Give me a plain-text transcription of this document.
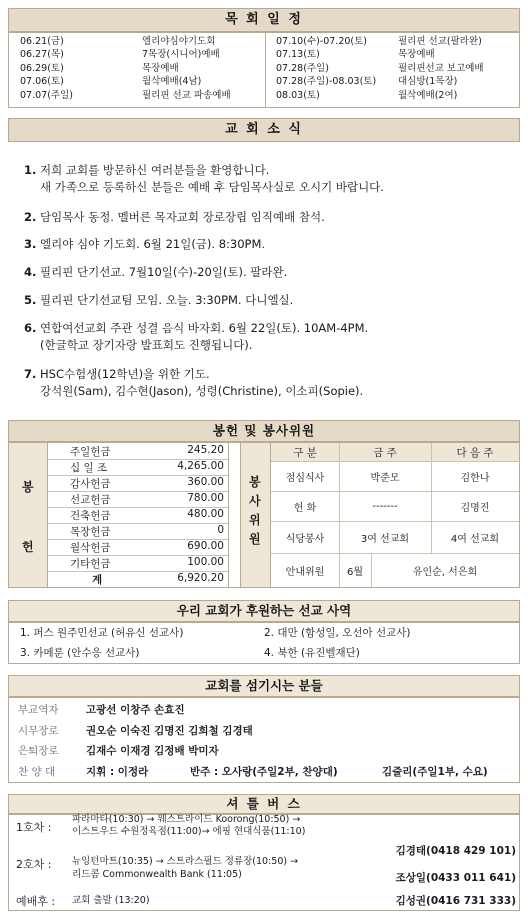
목 회 일 정
06.21(금)	엘리야심야기도회
06.27(목)	7목장(시니어)예배
06.29(토)	목장예배
07.06(토)	월삭예배(4남)
07.07(주일)	필리핀 선교 파송예배
07.10(수)-07.20(토)	필리핀 선교(팔라완)
07.13(토)	목장예배
07.28(주일)	필리핀선교 보고예배
07.28(주일)-08.03(토) 대심방(1목장)
08.03(토)	월삭예배(2여)
교 회 소 식
1. 저희 교회를 방문하신 여러분들을 환영합니다.
새 가족으로 등록하신 분들은 예배 후 담임목사실로 오시기 바랍니다.
2. 담임목사 동정. 멜버른 목자교회 장로장립 임직예배 참석.
3. 엘리야 심야 기도회. 6월 21일(금). 8:30PM.
4. 필리핀 단기선교. 7월10일(수)-20일(토). 팔라완.
5. 필리핀 단기선교팀 모임. 오늘. 3:30PM. 다니엘실.
6. 연합여선교회 주관 성결 음식 바자회. 6월 22일(토). 10AM-4PM.
(한글학교 장기자랑 발표회도 진행됩니다).
7. HSC수험생(12학년)을 위한 기도.
강석원(Sam), 김수현(Jason), 성령(Christine), 이소피(Sopie).
봉헌 및 봉사위원
봉
헌
주일헌금	245.20
십 일 조	4,265.00
감사헌금	360.00
선교헌금	780.00
건축헌금	480.00
목장헌금	0
월삭헌금	690.00
기타헌금	100.00
계	6,920.20
봉
사
위
원
구 분	금 주	다 음 주
점심식사	박준모	김한나
헌 화	-------	김명진
식당봉사	3여 선교회	4여 선교회
안내위원	6월	유인순, 서은희
우리 교회가 후원하는 선교 사역
1. 퍼스 원주민선교 (허유신 선교사)	2. 대만 (함성일, 오선아 선교사)
3. 카메룬 (안수응 선교사)	4. 북한 (유진벨재단)
교회를 섬기시는 분들
부교역자	고광선 이창주 손효진
시무장로	권오순 이숙진 김명진 김희철 김경태
은퇴장로	김재수 이재경 김정배 박미자
찬 양 대	지휘 : 이정라	반주 : 오사랑(주일2부, 찬양대)	김줄리(주일1부, 수요)
셔 틀 버 스
1호차 :
파라마타(10:30) → 웨스트라이드 Koorong(10:50) →
이스트우드 수원정육점(11:00)→ 에핑 현대식품(11:10)
김경태(0418 429 101)
2호차 : 뉴잉턴마트(10:35) → 스트라스필드 정류장(10:50) →
리드콤 Commonwealth Bank (11:05)	조상일(0433 011 641)
예배후 : 교회 출발 (13:20)	김성권(0416 731 333)
